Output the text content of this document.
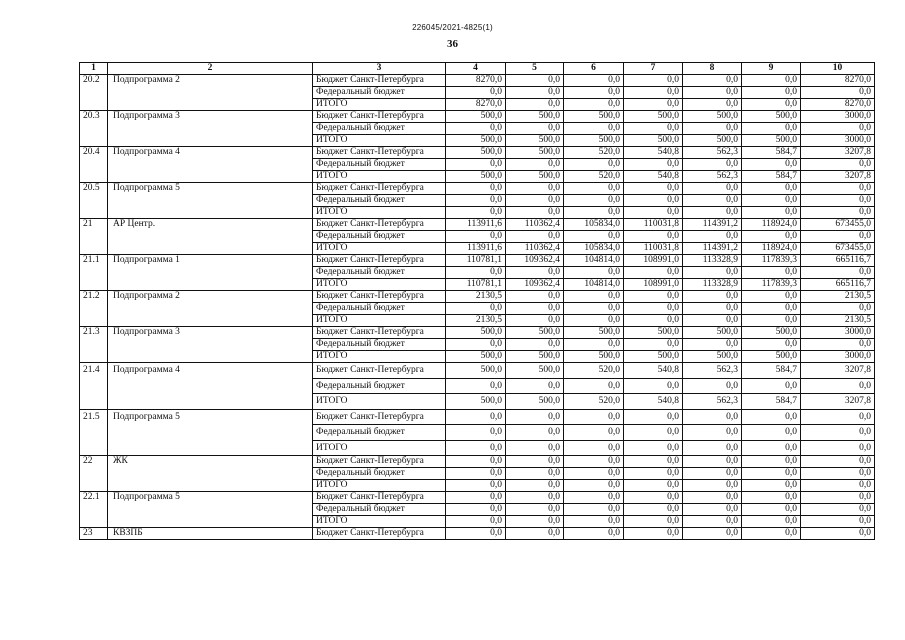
226045/2021-4825(1)
36
1	2	3	4	5	6	7	8	9	10
20.2	Подпрограмма 2	Бюджет Санкт-Петербурга	8270,0	0,0	0,0	0,0	0,0	0,0	8270,0
		Федеральный бюджет	0,0	0,0	0,0	0,0	0,0	0,0	0,0
		ИТОГО	8270,0	0,0	0,0	0,0	0,0	0,0	8270,0
20.3	Подпрограмма 3	Бюджет Санкт-Петербурга	500,0	500,0	500,0	500,0	500,0	500,0	3000,0
		Федеральный бюджет	0,0	0,0	0,0	0,0	0,0	0,0	0,0
		ИТОГО	500,0	500,0	500,0	500,0	500,0	500,0	3000,0
20.4	Подпрограмма 4	Бюджет Санкт-Петербурга	500,0	500,0	520,0	540,8	562,3	584,7	3207,8
		Федеральный бюджет	0,0	0,0	0,0	0,0	0,0	0,0	0,0
		ИТОГО	500,0	500,0	520,0	540,8	562,3	584,7	3207,8
20.5	Подпрограмма 5	Бюджет Санкт-Петербурга	0,0	0,0	0,0	0,0	0,0	0,0	0,0
		Федеральный бюджет	0,0	0,0	0,0	0,0	0,0	0,0	0,0
		ИТОГО	0,0	0,0	0,0	0,0	0,0	0,0	0,0
21	АР Центр.	Бюджет Санкт-Петербурга	113911,6	110362,4	105834,0	110031,8	114391,2	118924,0	673455,0
		Федеральный бюджет	0,0	0,0	0,0	0,0	0,0	0,0	0,0
		ИТОГО	113911,6	110362,4	105834,0	110031,8	114391,2	118924,0	673455,0
21.1	Подпрограмма 1	Бюджет Санкт-Петербурга	110781,1	109362,4	104814,0	108991,0	113328,9	117839,3	665116,7
		Федеральный бюджет	0,0	0,0	0,0	0,0	0,0	0,0	0,0
		ИТОГО	110781,1	109362,4	104814,0	108991,0	113328,9	117839,3	665116,7
21.2	Подпрограмма 2	Бюджет Санкт-Петербурга	2130,5	0,0	0,0	0,0	0,0	0,0	2130,5
		Федеральный бюджет	0,0	0,0	0,0	0,0	0,0	0,0	0,0
		ИТОГО	2130,5	0,0	0,0	0,0	0,0	0,0	2130,5
21.3	Подпрограмма 3	Бюджет Санкт-Петербурга	500,0	500,0	500,0	500,0	500,0	500,0	3000,0
		Федеральный бюджет	0,0	0,0	0,0	0,0	0,0	0,0	0,0
		ИТОГО	500,0	500,0	500,0	500,0	500,0	500,0	3000,0
21.4	Подпрограмма 4	Бюджет Санкт-Петербурга	500,0	500,0	520,0	540,8	562,3	584,7	3207,8
		Федеральный бюджет	0,0	0,0	0,0	0,0	0,0	0,0	0,0
		ИТОГО	500,0	500,0	520,0	540,8	562,3	584,7	3207,8
21.5	Подпрограмма 5	Бюджет Санкт-Петербурга	0,0	0,0	0,0	0,0	0,0	0,0	0,0
		Федеральный бюджет	0,0	0,0	0,0	0,0	0,0	0,0	0,0
		ИТОГО	0,0	0,0	0,0	0,0	0,0	0,0	0,0
22	ЖК	Бюджет Санкт-Петербурга	0,0	0,0	0,0	0,0	0,0	0,0	0,0
		Федеральный бюджет	0,0	0,0	0,0	0,0	0,0	0,0	0,0
		ИТОГО	0,0	0,0	0,0	0,0	0,0	0,0	0,0
22.1	Подпрограмма 5	Бюджет Санкт-Петербурга	0,0	0,0	0,0	0,0	0,0	0,0	0,0
		Федеральный бюджет	0,0	0,0	0,0	0,0	0,0	0,0	0,0
		ИТОГО	0,0	0,0	0,0	0,0	0,0	0,0	0,0
23	КВЗПБ	Бюджет Санкт-Петербурга	0,0	0,0	0,0	0,0	0,0	0,0	0,0
